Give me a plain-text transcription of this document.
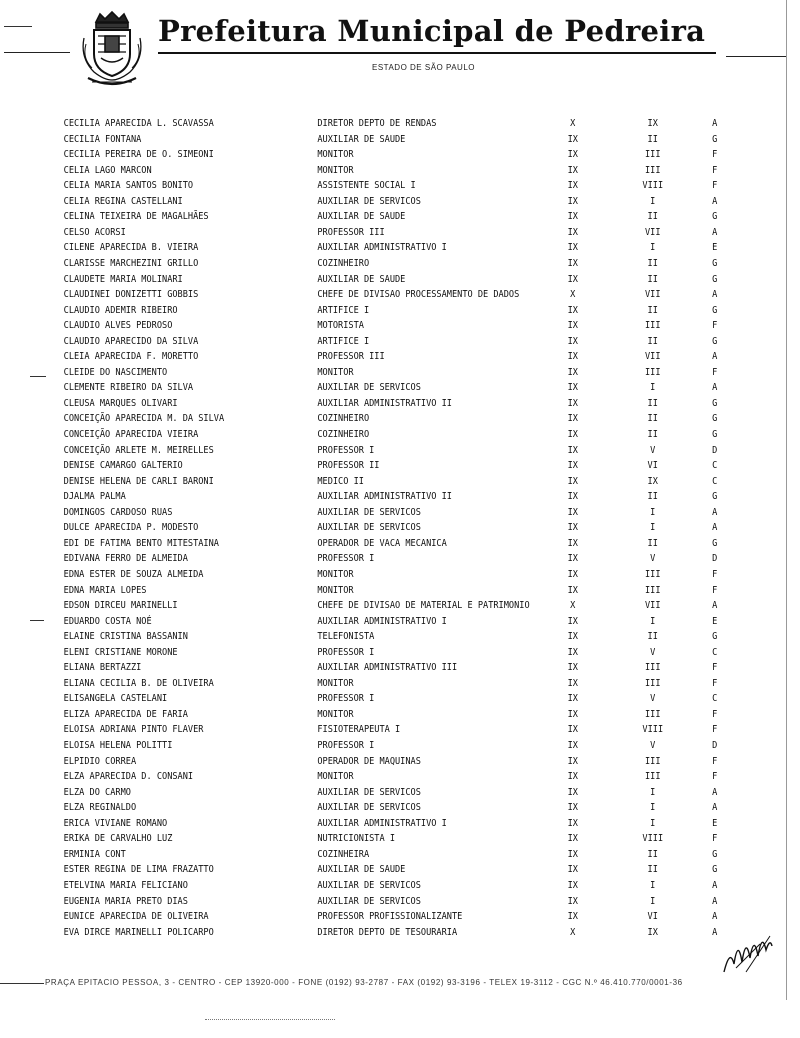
Prefeitura Municipal de Pedreira
ESTADO DE SÃO PAULO
CECILIA APARECIDA L. SCAVASSA	DIRETOR DEPTO DE RENDAS	X	IX	A
CECILIA FONTANA	AUXILIAR DE SAUDE	IX	II	G
CECILIA PEREIRA DE O. SIMEONI	MONITOR	IX	III	F
CELIA LAGO MARCON	MONITOR	IX	III	F
CELIA MARIA SANTOS BONITO	ASSISTENTE SOCIAL I	IX	VIII	F
CELIA REGINA CASTELLANI	AUXILIAR DE SERVICOS	IX	I	A
CELINA TEIXEIRA DE MAGALHÃES	AUXILIAR DE SAUDE	IX	II	G
CELSO ACORSI	PROFESSOR III	IX	VII	A
CILENE APARECIDA B. VIEIRA	AUXILIAR ADMINISTRATIVO I	IX	I	E
CLARISSE MARCHEZINI GRILLO	COZINHEIRO	IX	II	G
CLAUDETE MARIA MOLINARI	AUXILIAR DE SAUDE	IX	II	G
CLAUDINEI DONIZETTI GOBBIS	CHEFE DE DIVISAO PROCESSAMENTO DE DADOS	X	VII	A
CLAUDIO ADEMIR RIBEIRO	ARTIFICE I	IX	II	G
CLAUDIO ALVES PEDROSO	MOTORISTA	IX	III	F
CLAUDIO APARECIDO DA SILVA	ARTIFICE I	IX	II	G
CLEIA APARECIDA F. MORETTO	PROFESSOR III	IX	VII	A
CLEIDE DO NASCIMENTO	MONITOR	IX	III	F
CLEMENTE RIBEIRO DA SILVA	AUXILIAR DE SERVICOS	IX	I	A
CLEUSA MARQUES OLIVARI	AUXILIAR ADMINISTRATIVO II	IX	II	G
CONCEIÇÃO APARECIDA M. DA SILVA	COZINHEIRO	IX	II	G
CONCEIÇÃO APARECIDA VIEIRA	COZINHEIRO	IX	II	G
CONCEIÇÃO ARLETE M. MEIRELLES	PROFESSOR I	IX	V	D
DENISE CAMARGO GALTERIO	PROFESSOR II	IX	VI	C
DENISE HELENA DE CARLI BARONI	MEDICO II	IX	IX	C
DJALMA PALMA	AUXILIAR ADMINISTRATIVO II	IX	II	G
DOMINGOS CARDOSO RUAS	AUXILIAR DE SERVICOS	IX	I	A
DULCE APARECIDA P. MODESTO	AUXILIAR DE SERVICOS	IX	I	A
EDI DE FATIMA BENTO MITESTAINA	OPERADOR DE VACA MECANICA	IX	II	G
EDIVANA FERRO DE ALMEIDA	PROFESSOR I	IX	V	D
EDNA ESTER DE SOUZA ALMEIDA	MONITOR	IX	III	F
EDNA MARIA LOPES	MONITOR	IX	III	F
EDSON DIRCEU MARINELLI	CHEFE DE DIVISAO DE MATERIAL E PATRIMONIO	X	VII	A
EDUARDO COSTA NOÉ	AUXILIAR ADMINISTRATIVO I	IX	I	E
ELAINE CRISTINA BASSANIN	TELEFONISTA	IX	II	G
ELENI CRISTIANE MORONE	PROFESSOR I	IX	V	C
ELIANA BERTAZZI	AUXILIAR ADMINISTRATIVO III	IX	III	F
ELIANA CECILIA B. DE OLIVEIRA	MONITOR	IX	III	F
ELISANGELA CASTELANI	PROFESSOR I	IX	V	C
ELIZA APARECIDA DE FARIA	MONITOR	IX	III	F
ELOISA ADRIANA PINTO FLAVER	FISIOTERAPEUTA I	IX	VIII	F
ELOISA HELENA POLITTI	PROFESSOR I	IX	V	D
ELPIDIO CORREA	OPERADOR DE MAQUINAS	IX	III	F
ELZA APARECIDA D. CONSANI	MONITOR	IX	III	F
ELZA DO CARMO	AUXILIAR DE SERVICOS	IX	I	A
ELZA REGINALDO	AUXILIAR DE SERVICOS	IX	I	A
ERICA VIVIANE ROMANO	AUXILIAR ADMINISTRATIVO I	IX	I	E
ERIKA DE CARVALHO LUZ	NUTRICIONISTA I	IX	VIII	F
ERMINIA CONT	COZINHEIRA	IX	II	G
ESTER REGINA DE LIMA FRAZATTO	AUXILIAR DE SAUDE	IX	II	G
ETELVINA MARIA FELICIANO	AUXILIAR DE SERVICOS	IX	I	A
EUGENIA MARIA PRETO DIAS	AUXILIAR DE SERVICOS	IX	I	A
EUNICE APARECIDA DE OLIVEIRA	PROFESSOR PROFISSIONALIZANTE	IX	VI	A
EVA DIRCE MARINELLI POLICARPO	DIRETOR DEPTO DE TESOURARIA	X	IX	A
PRAÇA EPITACIO PESSOA, 3 - CENTRO - CEP 13920-000 - FONE (0192) 93-2787 - FAX (0192) 93-3196 - TELEX 19-3112 - CGC N.º 46.410.770/0001-36
